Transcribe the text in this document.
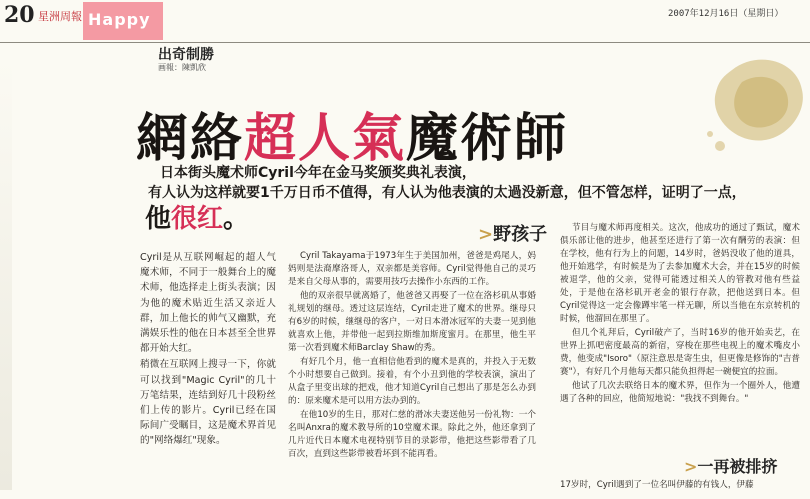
20 星洲周報 Happy
出奇制勝
画報：陳凱欣
2007年12月16日（星期日）
網絡超人氣魔術師
日本街头魔术师Cyril今年在金马奖颁奖典礼表演，
有人认为这样就要1千万日币不值得，有人认为他表演的太過没新意，但不管怎样，证明了一点，
他很红。
>野孩子

Cyril是从互联网崛起的超人气魔术师，不同于一般舞台上的魔术师，他选择走上街头表演；因为他的魔术贴近生活又亲近人群，加上他长的帅气又幽默，充满娱乐性的他在日本甚至全世界都开始大红。

稍微在互联网上搜寻一下，你就可以找到"Magic Cyril"的几十万笔结果，连结到好几十段粉丝们上传的影片。Cyril已经在国际间广受瞩目，这是魔术界首见的"网络爆红"现象。

Cyril Takayama于1973年生于美国加州，爸爸是鸡尾人，妈妈则是法裔摩洛哥人，双亲都是美容师。Cyril觉得他自己的灵巧是来自父母从事的，需要用技巧去操作小东西的工作。

他的双亲很早就离婚了，他爸爸又再娶了一位在洛杉矶从事婚礼规划的继母。透过这层连结，Cyril走进了魔术的世界。继母只有6岁的时候，继继母的客户，一对日本滑冰冠军的夫妻一见到他就喜欢上他，并带他一起到拉斯维加斯度蜜月。在那里，他生平第一次看到魔术师Barclay Shaw的秀。

有好几个月，他一直相信他看到的魔术是真的，并投入于无数个小时想要自己做到。接着，有个小丑到他的学校表演，演出了从盒子里变出球的把戏，他才知道Cyril自己想出了那是怎么办到的：原来魔术是可以用方法办到的。

在他10岁的生日，那对仁慈的滑冰夫妻送他另一份礼物：一个名叫Anxra的魔术教导所的10堂魔术课。除此之外，他还拿到了几片近代日本魔术电视特别节目的录影带，他把这些影带看了几百次，直到这些影带被看坏到不能再看。

节目与魔术师再度相关。这次，他成功的通过了甄试，魔术俱乐部让他的进步，他甚至还进行了第一次有酬劳的表演：但在学校，他有行为上的问题，14岁时，爸妈没收了他的道具，他开始逃学，有时候是为了去参加魔术大会，并在15岁的时候被退学，他的父亲，觉得可能透过相关人的管教对他有些益处，于是他在洛杉矶开老金的银行存款，把他送到日本。但Cyril觉得这一定会像蹲牢笔一样无聊，所以当他在东京转机的时候，他溜回在那里了。

但几个礼拜后，Cyril破产了，当时16岁的他开始卖艺，在世界上抓吧密度最高的新宿，穿梭在那些电视上的魔术嘴皮小费，他变成"Isoro"（原注意思是寄生虫，但更像是修饰的"吉普赛"），有好几个月他每天都只能负担得起一碗便宜的拉面。

他试了几次去联络日本的魔术界，但作为一个圈外人，他遭遇了各种的回应，他简短地说："我找不到舞台。"

>一再被排挤
17岁时，Cyril遇到了一位名叫伊藤的有钱人，伊藤
